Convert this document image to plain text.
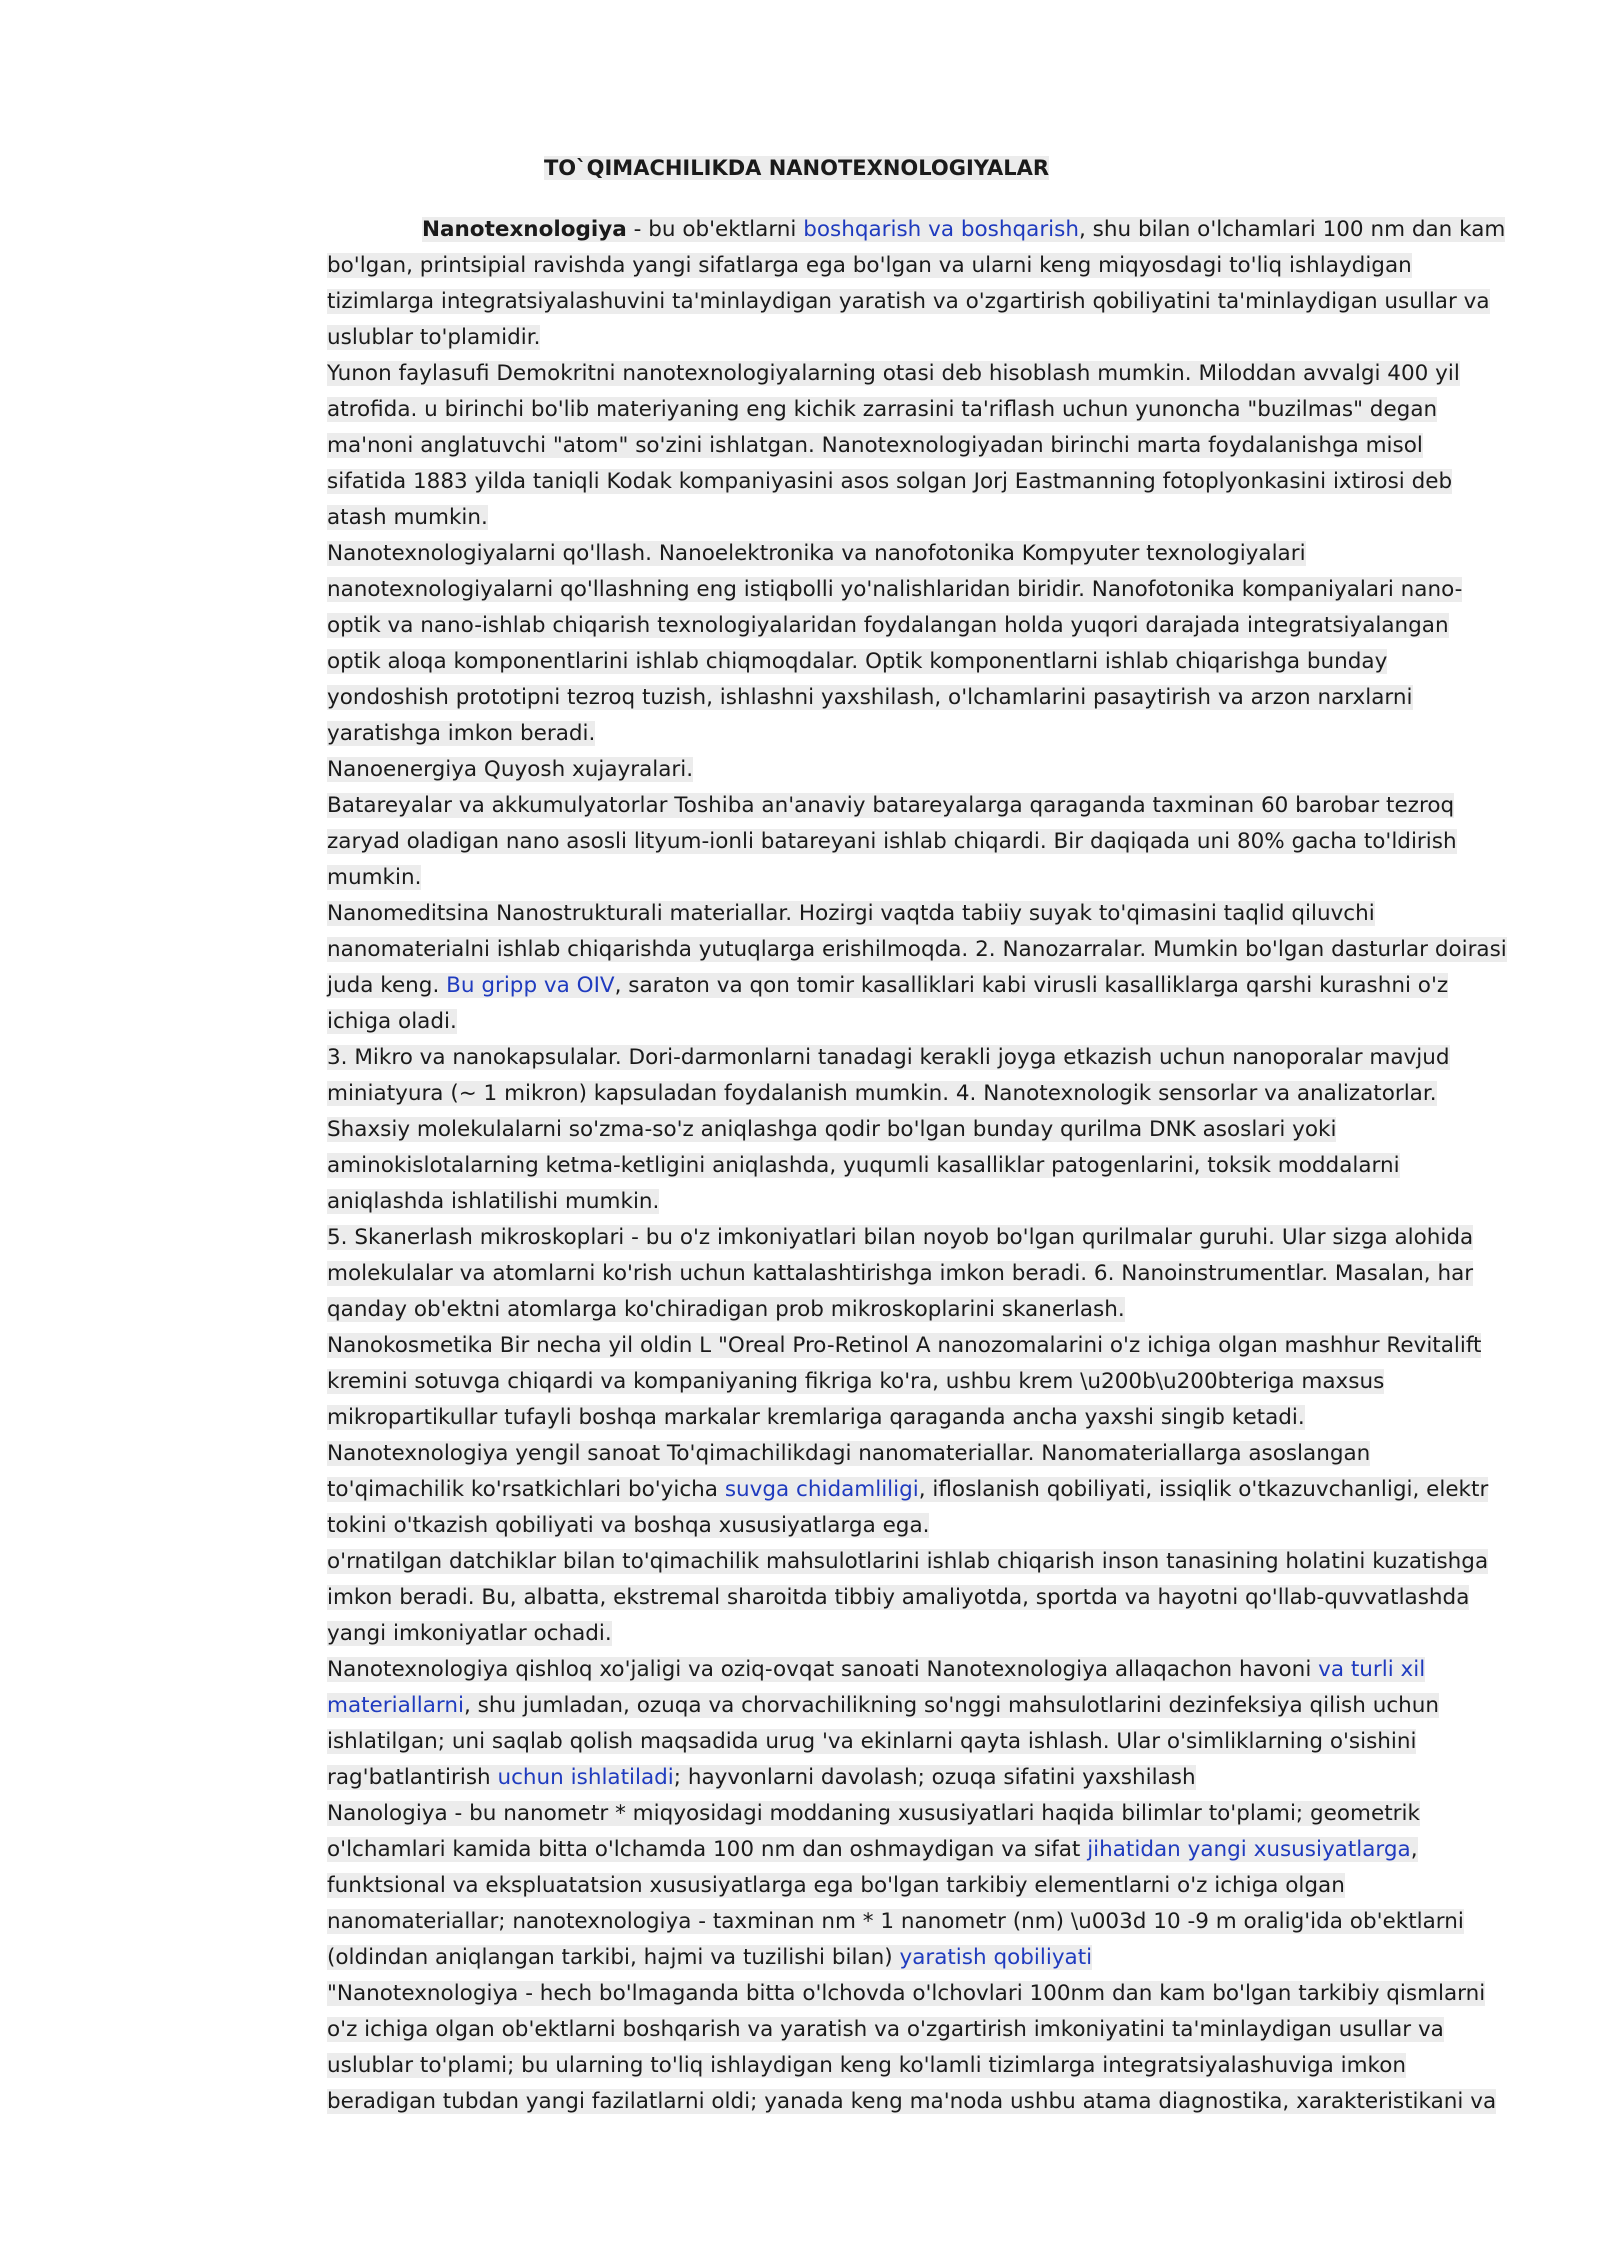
TO`QIMACHILIKDA NANOTEXNOLOGIYALAR

Nanotexnologiya - bu ob'ektlarni boshqarish va boshqarish, shu bilan o'lchamlari 100 nm dan kam bo'lgan, printsipial ravishda yangi sifatlarga ega bo'lgan va ularni keng miqyosdagi to'liq ishlaydigan tizimlarga integratsiyalashuvini ta'minlaydigan yaratish va o'zgartirish qobiliyatini ta'minlaydigan usullar va uslublar to'plamidir.

Yunon faylasufi Demokritni nanotexnologiyalarning otasi deb hisoblash mumkin. Miloddan avvalgi 400 yil atrofida. u birinchi bo'lib materiyaning eng kichik zarrasini ta'riflash uchun yunoncha "buzilmas" degan ma'noni anglatuvchi "atom" so'zini ishlatgan. Nanotexnologiyadan birinchi marta foydalanishga misol sifatida 1883 yilda taniqli Kodak kompaniyasini asos solgan Jorj Eastmanning fotoplyonkasini ixtirosi deb atash mumkin.

Nanotexnologiyalarni qo'llash. Nanoelektronika va nanofotonika Kompyuter texnologiyalari nanotexnologiyalarni qo'llashning eng istiqbolli yo'nalishlaridan biridir. Nanofotonika kompaniyalari nano-optik va nano-ishlab chiqarish texnologiyalaridan foydalangan holda yuqori darajada integratsiyalangan optik aloqa komponentlarini ishlab chiqmoqdalar. Optik komponentlarni ishlab chiqarishga bunday yondoshish prototipni tezroq tuzish, ishlashni yaxshilash, o'lchamlarini pasaytirish va arzon narxlarni yaratishga imkon beradi.

Nanoenergiya Quyosh xujayralari.

Batareyalar va akkumulyatorlar Toshiba an'anaviy batareyalarga qaraganda taxminan 60 barobar tezroq zaryad oladigan nano asosli lityum-ionli batareyani ishlab chiqardi. Bir daqiqada uni 80% gacha to'ldirish mumkin.

Nanomeditsina Nanostrukturali materiallar. Hozirgi vaqtda tabiiy suyak to'qimasini taqlid qiluvchi nanomaterialni ishlab chiqarishda yutuqlarga erishilmoqda. 2. Nanozarralar. Mumkin bo'lgan dasturlar doirasi juda keng. Bu gripp va OIV, saraton va qon tomir kasalliklari kabi virusli kasalliklarga qarshi kurashni o'z ichiga oladi.

3. Mikro va nanokapsulalar. Dori-darmonlarni tanadagi kerakli joyga etkazish uchun nanoporalar mavjud miniatyura (~ 1 mikron) kapsuladan foydalanish mumkin. 4. Nanotexnologik sensorlar va analizatorlar. Shaxsiy molekulalarni so'zma-so'z aniqlashga qodir bo'lgan bunday qurilma DNK asoslari yoki aminokislotalarning ketma-ketligini aniqlashda, yuqumli kasalliklar patogenlarini, toksik moddalarni aniqlashda ishlatilishi mumkin.

5. Skanerlash mikroskoplari - bu o'z imkoniyatlari bilan noyob bo'lgan qurilmalar guruhi. Ular sizga alohida molekulalar va atomlarni ko'rish uchun kattalashtirishga imkon beradi. 6. Nanoinstrumentlar. Masalan, har qanday ob'ektni atomlarga ko'chiradigan prob mikroskoplarini skanerlash.

Nanokosmetika Bir necha yil oldin L "Oreal Pro-Retinol A nanozomalarini o'z ichiga olgan mashhur Revitalift kremini sotuvga chiqardi va kompaniyaning fikriga ko'ra, ushbu krem \u200b\u200bteriga maxsus mikropartikullar tufayli boshqa markalar kremlariga qaraganda ancha yaxshi singib ketadi.

Nanotexnologiya yengil sanoat To'qimachilikdagi nanomateriallar. Nanomateriallarga asoslangan to'qimachilik ko'rsatkichlari bo'yicha suvga chidamliligi, ifloslanish qobiliyati, issiqlik o'tkazuvchanligi, elektr tokini o'tkazish qobiliyati va boshqa xususiyatlarga ega.

o'rnatilgan datchiklar bilan to'qimachilik mahsulotlarini ishlab chiqarish inson tanasining holatini kuzatishga imkon beradi. Bu, albatta, ekstremal sharoitda tibbiy amaliyotda, sportda va hayotni qo'llab-quvvatlashda yangi imkoniyatlar ochadi.

Nanotexnologiya qishloq xo'jaligi va oziq-ovqat sanoati Nanotexnologiya allaqachon havoni va turli xil materiallarni, shu jumladan, ozuqa va chorvachilikning so'nggi mahsulotlarini dezinfeksiya qilish uchun ishlatilgan; uni saqlab qolish maqsadida urug 'va ekinlarni qayta ishlash. Ular o'simliklarning o'sishini rag'batlantirish uchun ishlatiladi; hayvonlarni davolash; ozuqa sifatini yaxshilash

Nanologiya - bu nanometr * miqyosidagi moddaning xususiyatlari haqida bilimlar to'plami; geometrik o'lchamlari kamida bitta o'lchamda 100 nm dan oshmaydigan va sifat jihatidan yangi xususiyatlarga, funktsional va ekspluatatsion xususiyatlarga ega bo'lgan tarkibiy elementlarni o'z ichiga olgan nanomateriallar; nanotexnologiya - taxminan nm * 1 nanometr (nm) \u003d 10 -9 m oralig'ida ob'ektlarni (oldindan aniqlangan tarkibi, hajmi va tuzilishi bilan) yaratish qobiliyati

"Nanotexnologiya - hech bo'lmaganda bitta o'lchovda o'lchovlari 100nm dan kam bo'lgan tarkibiy qismlarni o'z ichiga olgan ob'ektlarni boshqarish va yaratish va o'zgartirish imkoniyatini ta'minlaydigan usullar va uslublar to'plami; bu ularning to'liq ishlaydigan keng ko'lamli tizimlarga integratsiyalashuviga imkon beradigan tubdan yangi fazilatlarni oldi; yanada keng ma'noda ushbu atama diagnostika, xarakteristikani va
